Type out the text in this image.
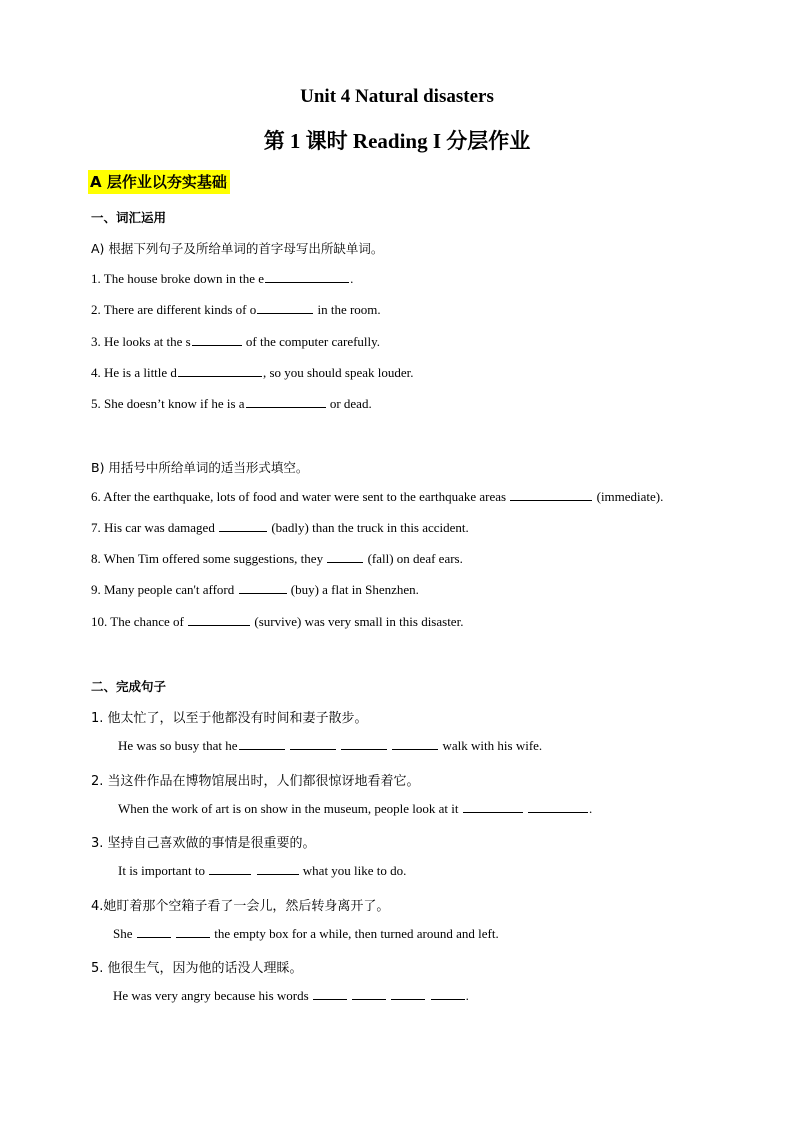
Unit 4 Natural disasters
第 1 课时 Reading I 分层作业
A 层作业以夯实基础
一、词汇运用
A) 根据下列句子及所给单词的首字母写出所缺单词。
1. The house broke down in the e	.
2. There are different kinds of o	in the room.
3. He looks at the s	of the computer carefully.
4. He is a little d	, so you should speak louder.
5. She doesn’t know if he is a	or dead.
B) 用括号中所给单词的适当形式填空。
6. After the earthquake, lots of food and water were sent to the earthquake areas	(immediate).
7. His car was damaged	(badly) than the truck in this accident.
8. When Tim offered some suggestions, they	(fall) on deaf ears.
9. Many people can't afford	(buy) a flat in Shenzhen.
10. The chance of	(survive) was very small in this disaster.
二、完成句子
1. 他太忙了，以至于他都没有时间和妻子散步。
He was so busy that he	walk with his wife.
2. 当这件作品在博物馆展出时，人们都很惊讶地看着它。
When the work of art is on show in the museum, people look at it	.
3. 坚持自己喜欢做的事情是很重要的。
It is important to	what you like to do.
4.她盯着那个空箱子看了一会儿，然后转身离开了。
She	the empty box for a while, then turned around and left.
5. 他很生气，因为他的话没人理睬。
He was very angry because his words	.
